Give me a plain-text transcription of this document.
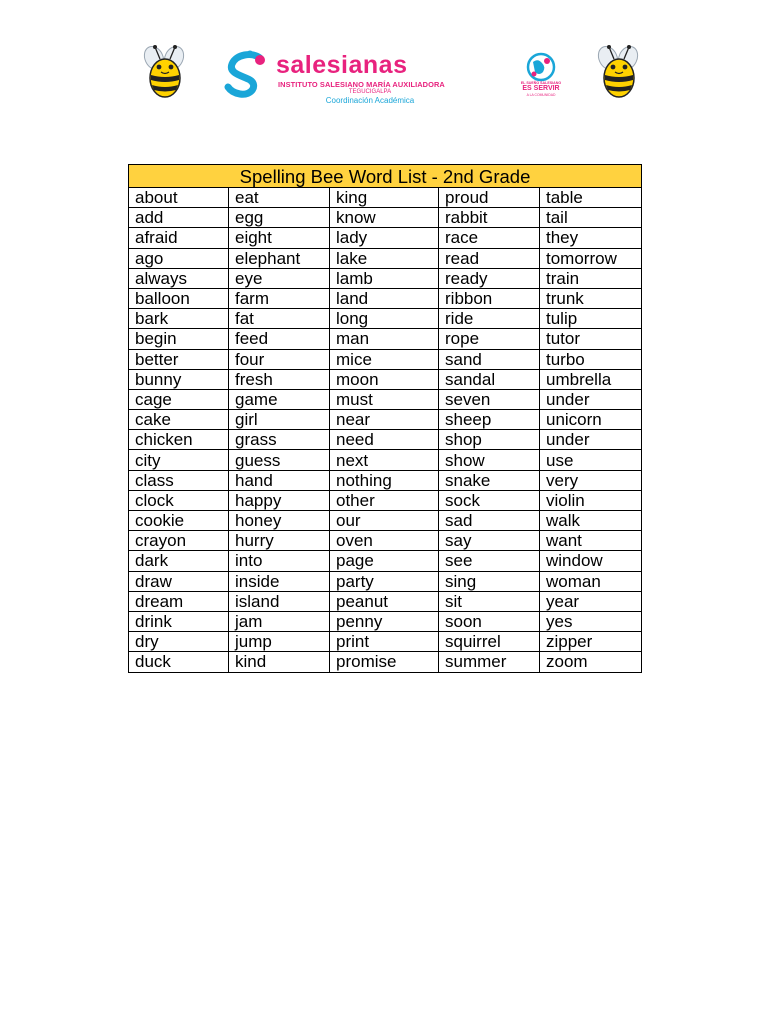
salesianas
INSTITUTO SALESIANO MARÍA AUXILIADORA
TEGUCIGALPA
Coordinación Académica
EL SUEÑO SALESIANO
ES SERVIR
A LA COMUNIDAD
Spelling Bee Word List - 2nd Grade				
about	eat	king	proud	table
add	egg	know	rabbit	tail
afraid	eight	lady	race	they
ago	elephant	lake	read	tomorrow
always	eye	lamb	ready	train
balloon	farm	land	ribbon	trunk
bark	fat	long	ride	tulip
begin	feed	man	rope	tutor
better	four	mice	sand	turbo
bunny	fresh	moon	sandal	umbrella
cage	game	must	seven	under
cake	girl	near	sheep	unicorn
chicken	grass	need	shop	under
city	guess	next	show	use
class	hand	nothing	snake	very
clock	happy	other	sock	violin
cookie	honey	our	sad	walk
crayon	hurry	oven	say	want
dark	into	page	see	window
draw	inside	party	sing	woman
dream	island	peanut	sit	year
drink	jam	penny	soon	yes
dry	jump	print	squirrel	zipper
duck	kind	promise	summer	zoom
